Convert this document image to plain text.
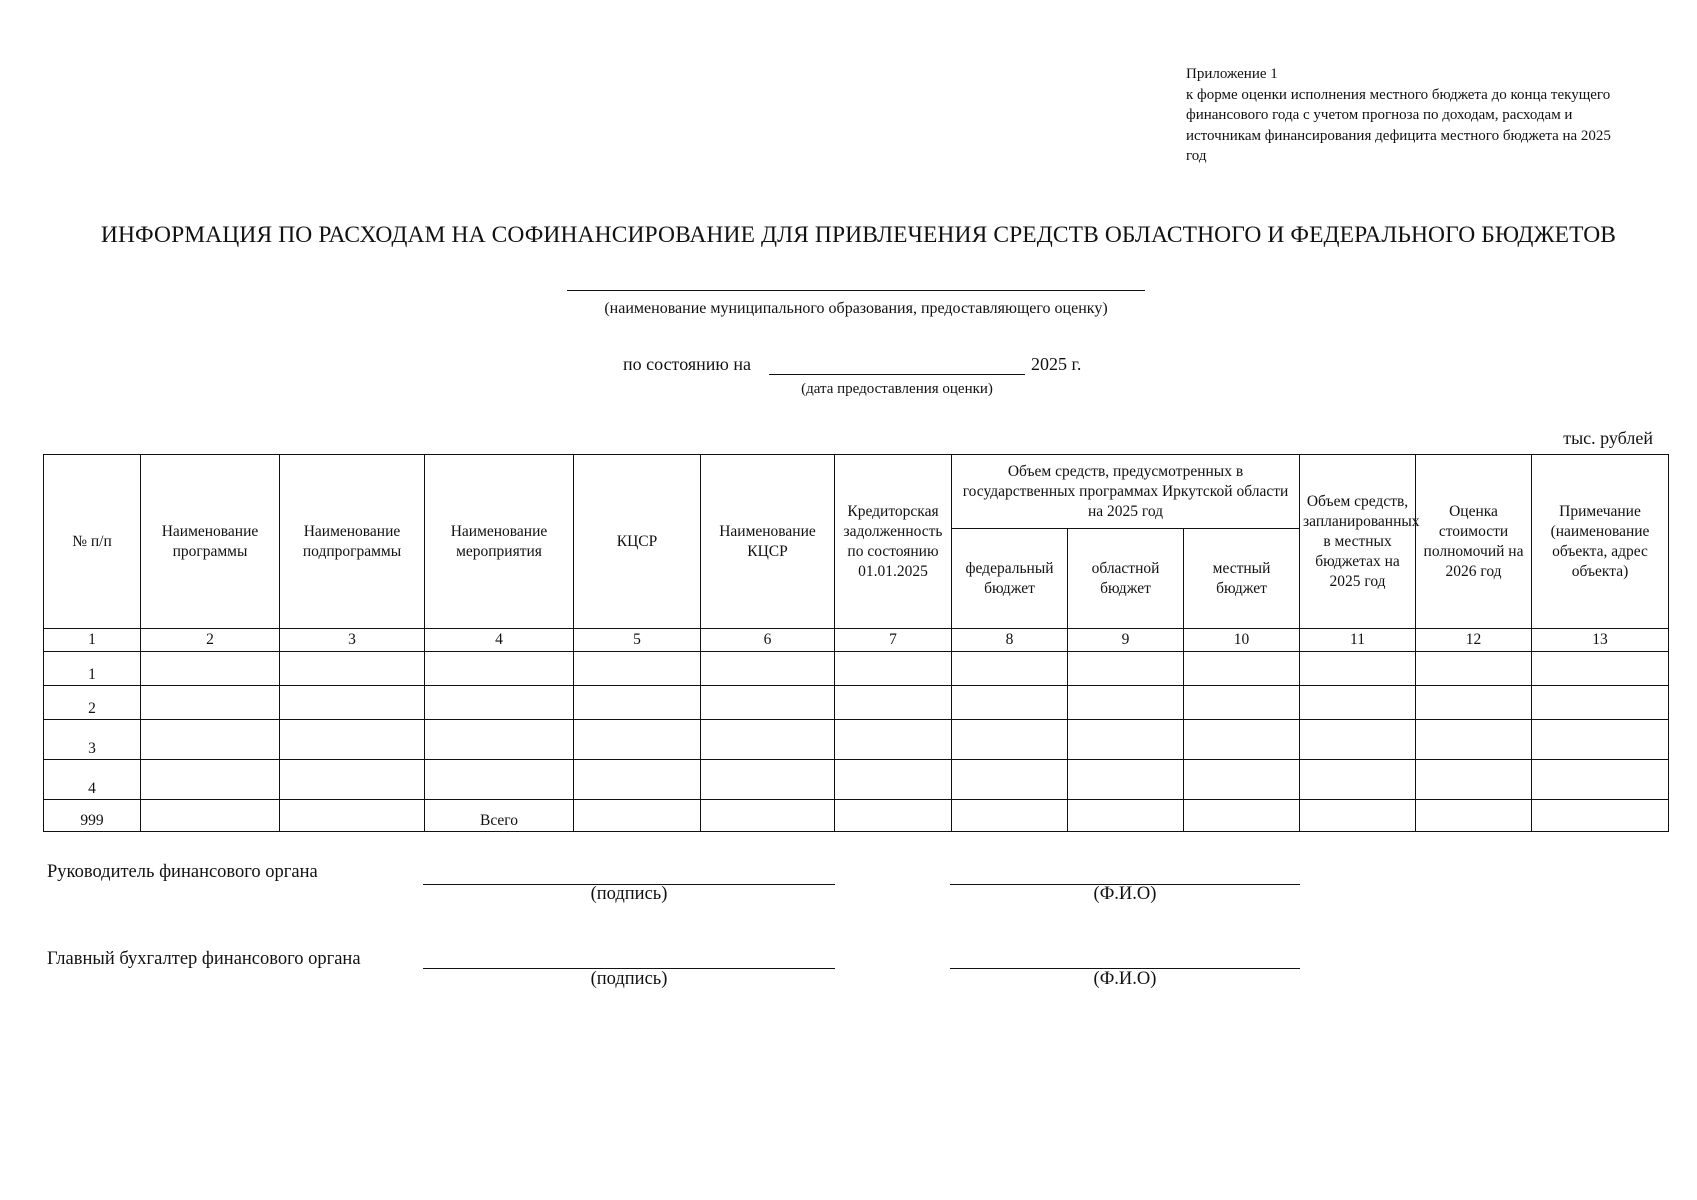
Приложение 1
к форме оценки исполнения местного бюджета до конца текущего
финансового года с учетом прогноза по доходам, расходам и
источникам финансирования дефицита местного бюджета на 2025
год
ИНФОРМАЦИЯ ПО РАСХОДАМ НА СОФИНАНСИРОВАНИЕ ДЛЯ ПРИВЛЕЧЕНИЯ СРЕДСТВ ОБЛАСТНОГО И ФЕДЕРАЛЬНОГО БЮДЖЕТОВ
(наименование муниципального образования, предоставляющего оценку)
по состоянию на	2025 г.
(дата предоставления оценки)
тыс. рублей
№ п/п	Наименование программы	Наименование подпрограммы	Наименование мероприятия	КЦСР	Наименование КЦСР	Кредиторская задолженность по состоянию 01.01.2025	Объем средств, предусмотренных в государственных программах Иркутской области на 2025 год			Объем средств, запланированных в местных бюджетах на 2025 год	Оценка стоимости полномочий на 2026 год	Примечание (наименование объекта, адрес объекта)
							федеральный бюджет	областной бюджет	местный бюджет			
1	2	3	4	5	6	7	8	9	10	11	12	13
1												
2												
3												
4												
999			Всего									
Руководитель финансового органа
(подпись)	(Ф.И.О)
Главный бухгалтер финансового органа
(подпись)	(Ф.И.О)
